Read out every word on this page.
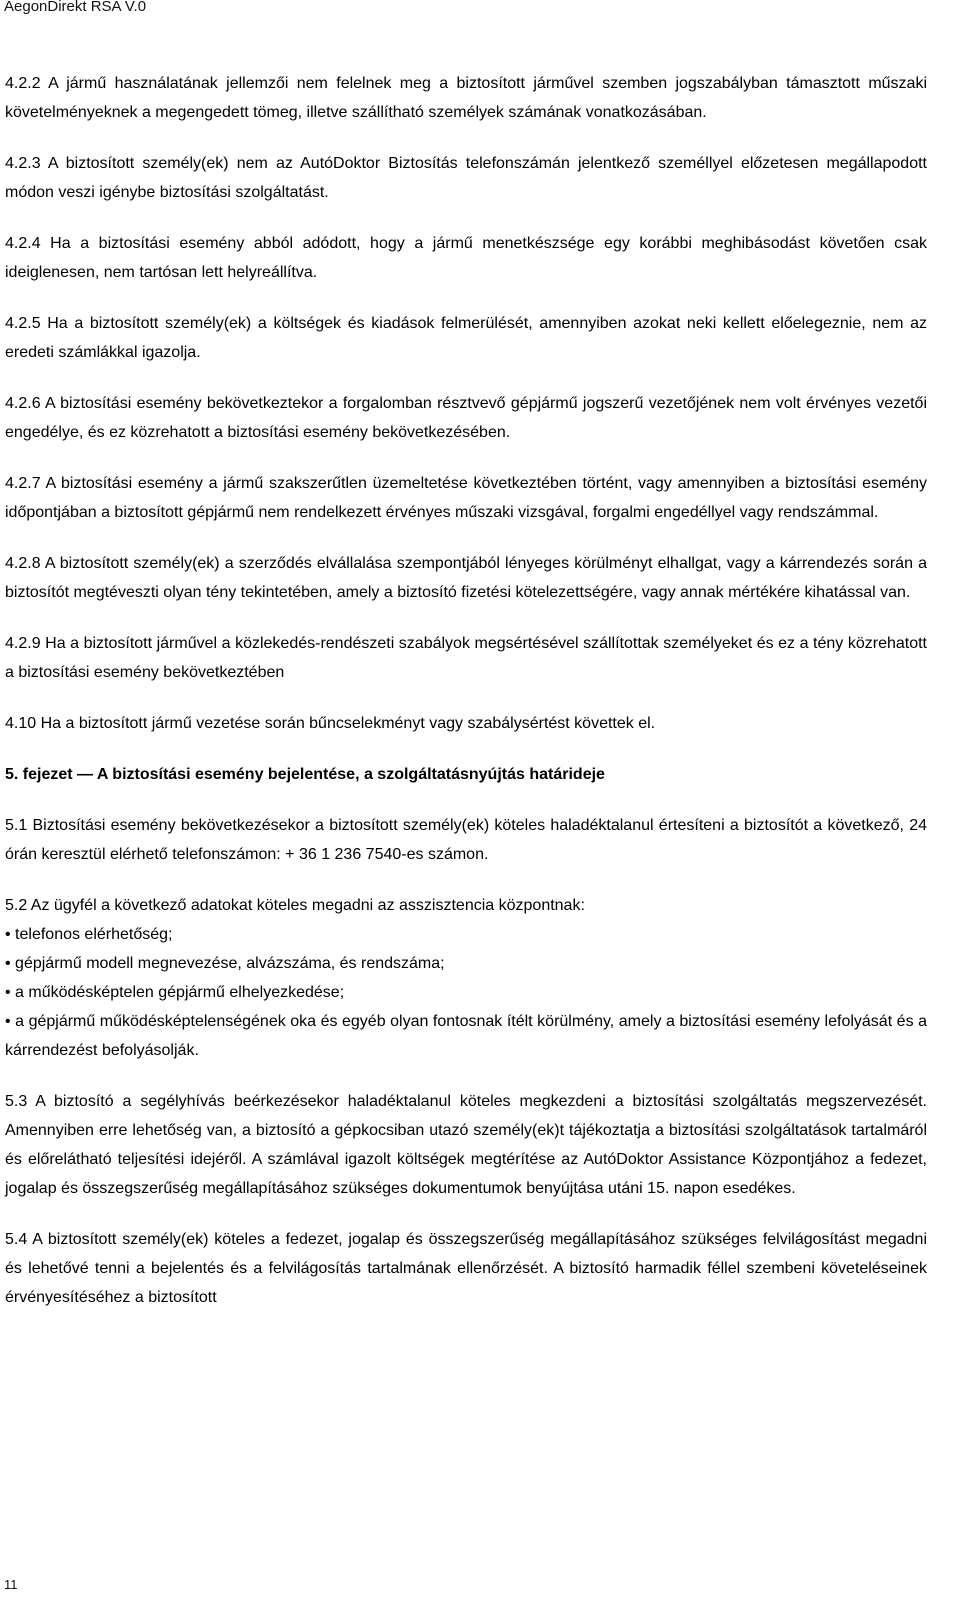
AegonDirekt RSA V.0

4.2.2 A jármű használatának jellemzői nem felelnek meg a biztosított járművel szemben jogszabályban támasztott műszaki követelményeknek a megengedett tömeg, illetve szállítható személyek számának vonatkozásában.

4.2.3 A biztosított személy(ek) nem az AutóDoktor Biztosítás telefonszámán jelentkező személlyel előzetesen megállapodott módon veszi igénybe biztosítási szolgáltatást.

4.2.4 Ha a biztosítási esemény abból adódott, hogy a jármű menetkészsége egy korábbi meghibásodást követően csak ideiglenesen, nem tartósan lett helyreállítva.

4.2.5 Ha a biztosított személy(ek) a költségek és kiadások felmerülését, amennyiben azokat neki kellett előelegeznie, nem az eredeti számlákkal igazolja.

4.2.6 A biztosítási esemény bekövetkeztekor a forgalomban résztvevő gépjármű jogszerű vezetőjének nem volt érvényes vezetői engedélye, és ez közrehatott a biztosítási esemény bekövetkezésében.

4.2.7 A biztosítási esemény a jármű szakszerűtlen üzemeltetése következtében történt, vagy amennyiben a biztosítási esemény időpontjában a biztosított gépjármű nem rendelkezett érvényes műszaki vizsgával, forgalmi engedéllyel vagy rendszámmal.

4.2.8 A biztosított személy(ek) a szerződés elvállalása szempontjából lényeges körülményt elhallgat, vagy a kárrendezés során a biztosítót megtéveszti olyan tény tekintetében, amely a biztosító fizetési kötelezettségére, vagy annak mértékére kihatással van.

4.2.9 Ha a biztosított járművel a közlekedés-rendészeti szabályok megsértésével szállítottak személyeket és ez a tény közrehatott a biztosítási esemény bekövetkeztében

4.10 Ha a biztosított jármű vezetése során bűncselekményt vagy szabálysértést követtek el.

5. fejezet — A biztosítási esemény bejelentése, a szolgáltatásnyújtás határideje

5.1 Biztosítási esemény bekövetkezésekor a biztosított személy(ek) köteles haladéktalanul értesíteni a biztosítót a következő, 24 órán keresztül elérhető telefonszámon: + 36 1 236 7540-es számon.

5.2 Az ügyfél a következő adatokat köteles megadni az asszisztencia központnak:

• telefonos elérhetőség;

• gépjármű modell megnevezése, alvázszáma, és rendszáma;

• a működésképtelen gépjármű elhelyezkedése;

• a gépjármű működésképtelenségének oka és egyéb olyan fontosnak ítélt körülmény, amely a biztosítási esemény lefolyását és a kárrendezést befolyásolják.

5.3 A biztosító a segélyhívás beérkezésekor haladéktalanul köteles megkezdeni a biztosítási szolgáltatás megszervezését. Amennyiben erre lehetőség van, a biztosító a gépkocsiban utazó személy(ek)t tájékoztatja a biztosítási szolgáltatások tartalmáról és előrelátható teljesítési idejéről. A számlával igazolt költségek megtérítése az AutóDoktor Assistance Központjához a fedezet, jogalap és összegszerűség megállapításához szükséges dokumentumok benyújtása utáni 15. napon esedékes.

5.4 A biztosított személy(ek) köteles a fedezet, jogalap és összegszerűség megállapításához szükséges felvilágosítást megadni és lehetővé tenni a bejelentés és a felvilágosítás tartalmának ellenőrzését. A biztosító harmadik féllel szembeni követeléseinek érvényesítéséhez a biztosított

11
